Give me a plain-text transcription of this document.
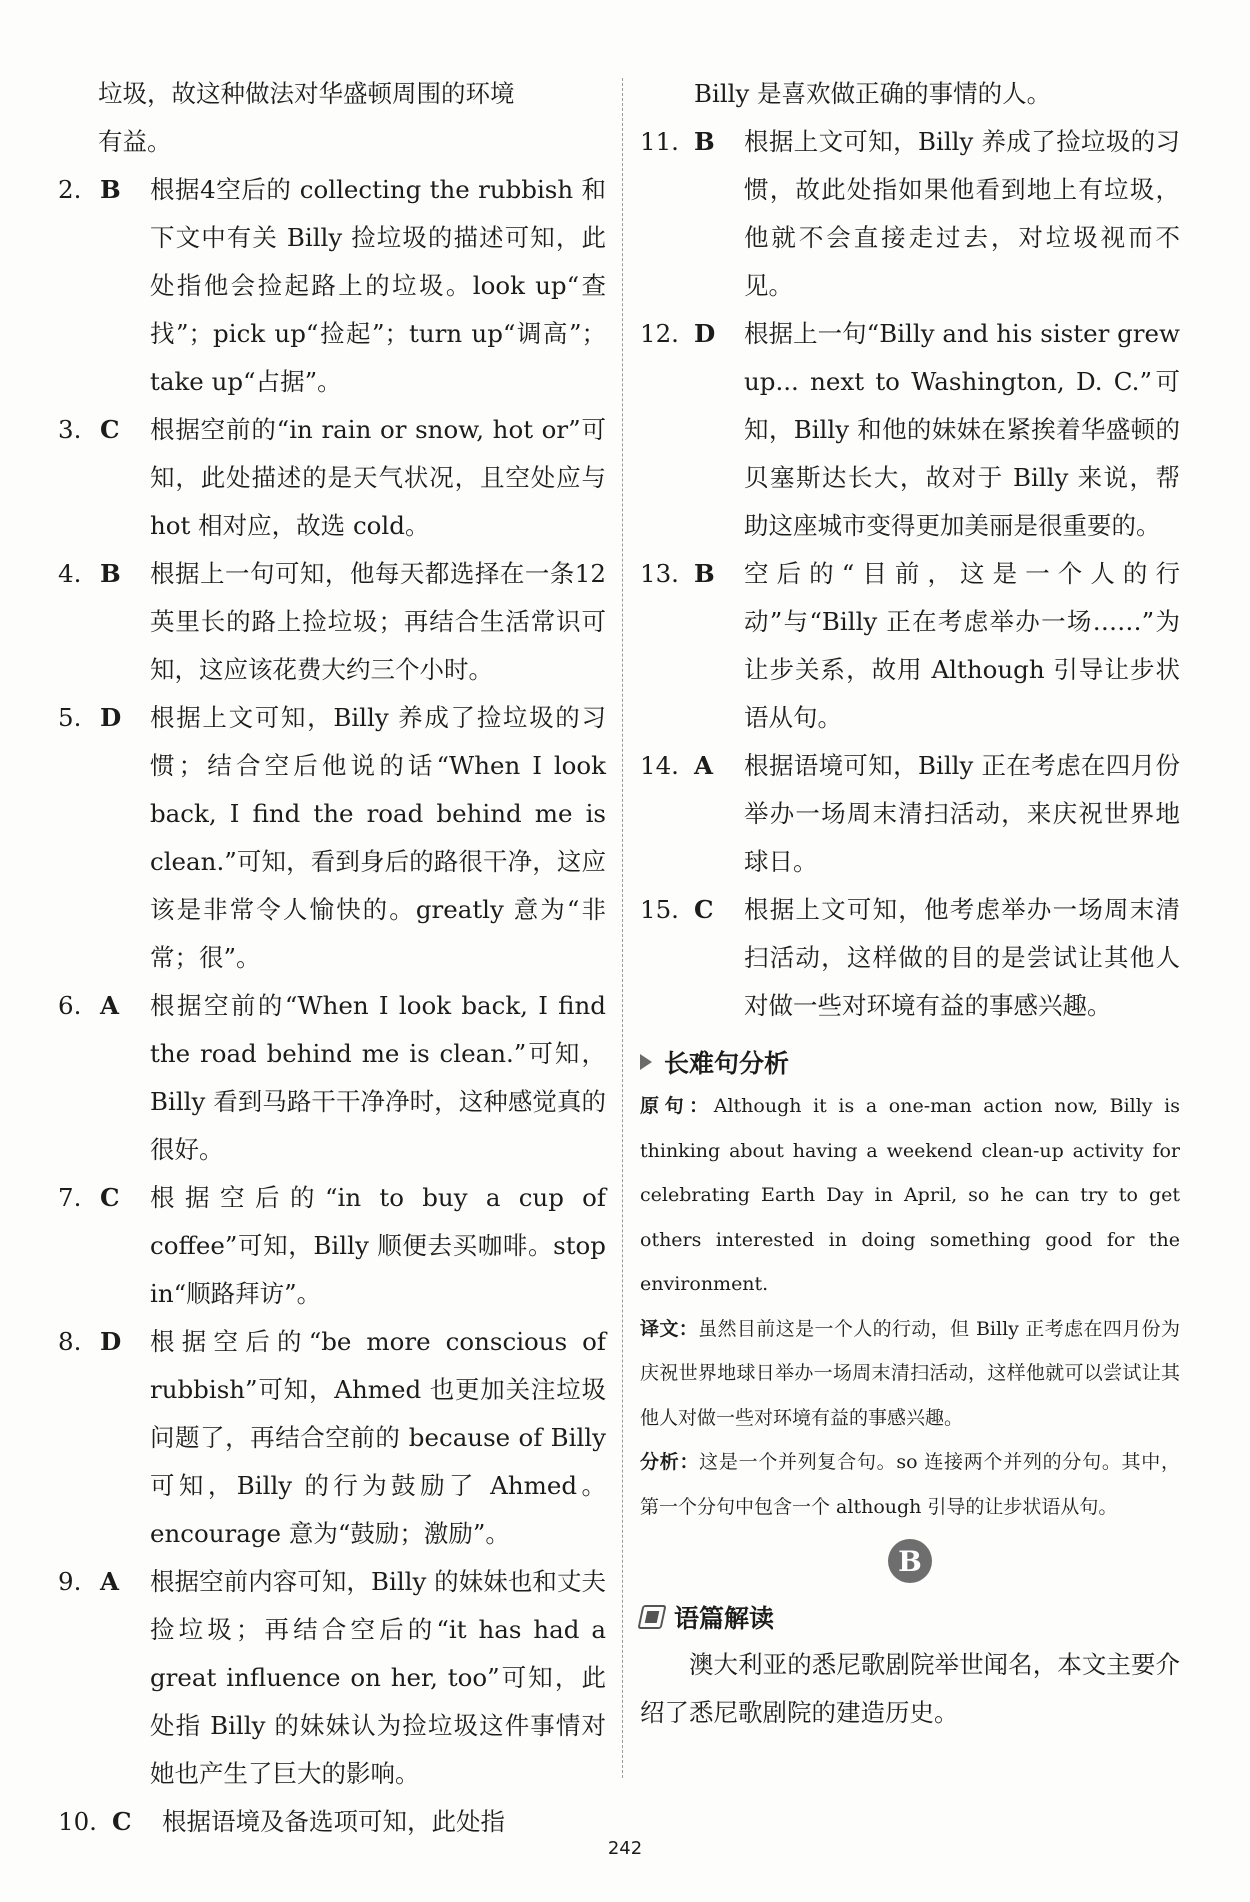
垃圾，故这种做法对华盛顿周围的环境
有益。
2. B	根据4空后的 collecting the rubbish 和下文中有关 Billy 捡垃圾的描述可知，此处指他会捡起路上的垃圾。look up“查找”；pick up“捡起”；turn up“调高”；take up“占据”。
3. C	根据空前的“in rain or snow, hot or”可知，此处描述的是天气状况，且空处应与 hot 相对应，故选 cold。
4. B	根据上一句可知，他每天都选择在一条12英里长的路上捡垃圾；再结合生活常识可知，这应该花费大约三个小时。
5. D	根据上文可知，Billy 养成了捡垃圾的习惯；结合空后他说的话“When I look back, I find the road behind me is clean.”可知，看到身后的路很干净，这应该是非常令人愉快的。greatly 意为“非常；很”。
6. A	根据空前的“When I look back, I find the road behind me is clean.”可知，Billy 看到马路干干净净时，这种感觉真的很好。
7. C	根据空后的“in to buy a cup of coffee”可知，Billy 顺便去买咖啡。stop in“顺路拜访”。
8. D	根据空后的“be more conscious of rubbish”可知，Ahmed 也更加关注垃圾问题了，再结合空前的 because of Billy 可知，Billy 的行为鼓励了 Ahmed。encourage 意为“鼓励；激励”。
9. A	根据空前内容可知，Billy 的妹妹也和丈夫捡垃圾；再结合空后的“it has had a great influence on her, too”可知，此处指 Billy 的妹妹认为捡垃圾这件事情对她也产生了巨大的影响。
10. C	根据语境及备选项可知，此处指
Billy 是喜欢做正确的事情的人。
11. B	根据上文可知，Billy 养成了捡垃圾的习惯，故此处指如果他看到地上有垃圾，他就不会直接走过去，对垃圾视而不见。
12. D	根据上一句“Billy and his sister grew up... next to Washington, D. C.”可知，Billy 和他的妹妹在紧挨着华盛顿的贝塞斯达长大，故对于 Billy 来说，帮助这座城市变得更加美丽是很重要的。
13. B	空后的“目前，这是一个人的行动”与“Billy 正在考虑举办一场……”为让步关系，故用 Although 引导让步状语从句。
14. A	根据语境可知，Billy 正在考虑在四月份举办一场周末清扫活动，来庆祝世界地球日。
15. C	根据上文可知，他考虑举办一场周末清扫活动，这样做的目的是尝试让其他人对做一些对环境有益的事感兴趣。
长难句分析
原句：Although it is a one-man action now, Billy is thinking about having a weekend clean-up activity for celebrating Earth Day in April, so he can try to get others interested in doing something good for the environment.
译文：虽然目前这是一个人的行动，但 Billy 正考虑在四月份为庆祝世界地球日举办一场周末清扫活动，这样他就可以尝试让其他人对做一些对环境有益的事感兴趣。
分析：这是一个并列复合句。so 连接两个并列的分句。其中，第一个分句中包含一个 although 引导的让步状语从句。
B
语篇解读
澳大利亚的悉尼歌剧院举世闻名，本文主要介绍了悉尼歌剧院的建造历史。
242
